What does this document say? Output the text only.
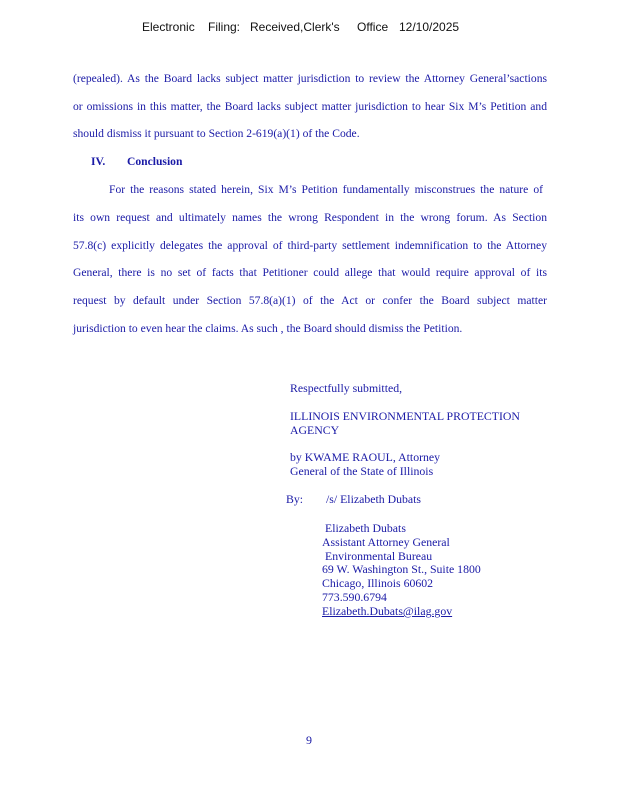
Electronic Filing: Received,Clerk's Office 12/10/2025
(repealed). As the Board lacks subject matter jurisdiction to review the Attorney General’sactions
or omissions in this matter, the Board lacks subject matter jurisdiction to hear Six M’s Petition and
should dismiss it pursuant to Section 2-619(a)(1) of the Code.
IV. Conclusion
For the reasons stated herein, Six M’s Petition fundamentally misconstrues the nature of
its own request and ultimately names the wrong Respondent in the wrong forum. As Section
57.8(c) explicitly delegates the approval of third-party settlement indemnification to the Attorney
General, there is no set of facts that Petitioner could allege that would require approval of its
request by default under Section 57.8(a)(1) of the Act or confer the Board subject matter
jurisdiction to even hear the claims. As such , the Board should dismiss the Petition.
Respectfully submitted,
ILLINOIS ENVIRONMENTAL PROTECTION
AGENCY
by KWAME RAOUL, Attorney
General of the State of Illinois
By: /s/ Elizabeth Dubats
Elizabeth Dubats
Assistant Attorney General
Environmental Bureau
69 W. Washington St., Suite 1800
Chicago, Illinois 60602
773.590.6794
Elizabeth.Dubats@ilag.gov
9
